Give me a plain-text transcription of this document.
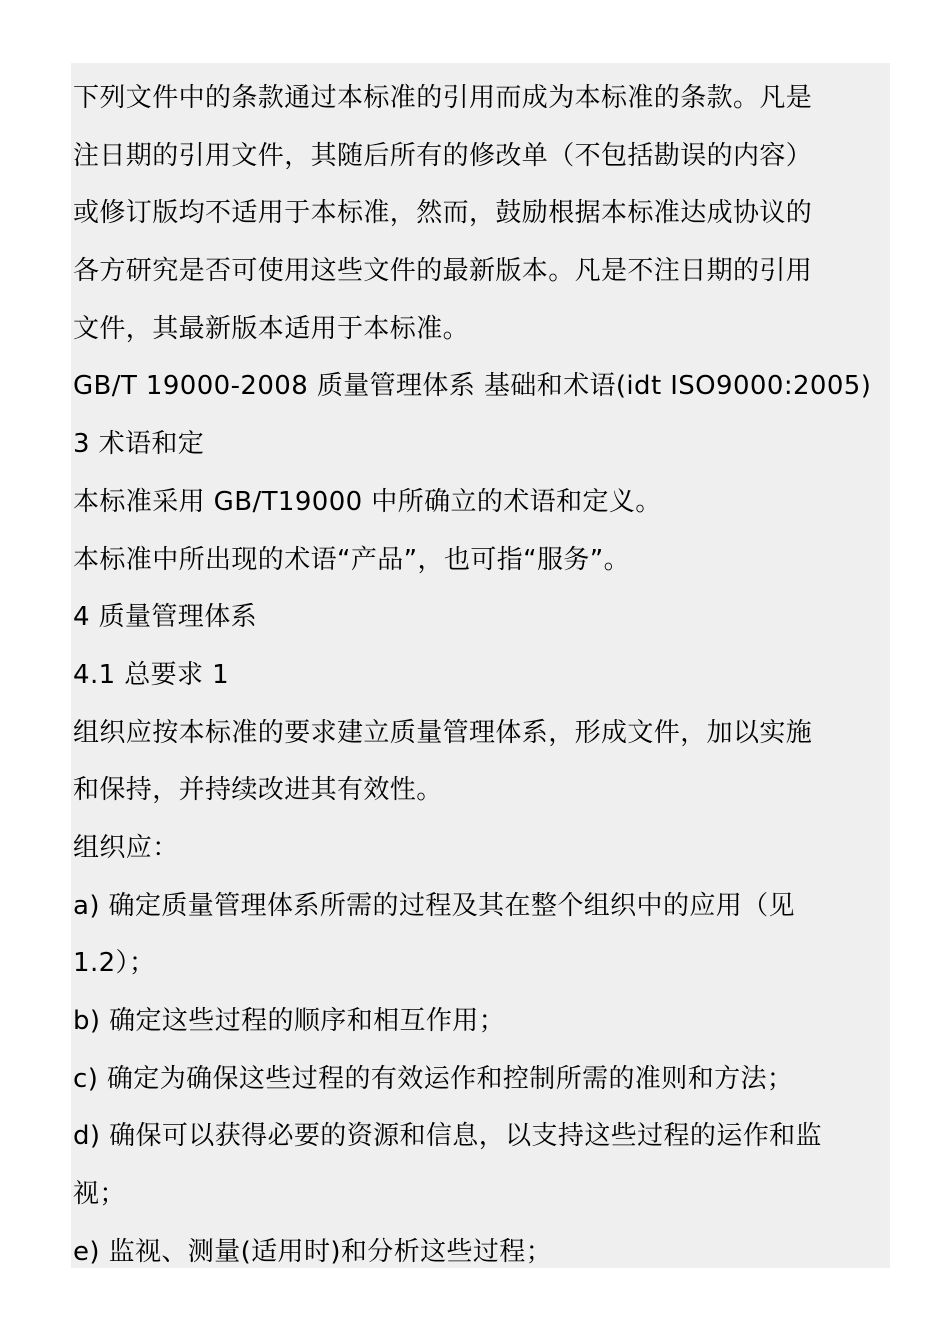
下列文件中的条款通过本标准的引用而成为本标准的条款。凡是
注日期的引用文件，其随后所有的修改单（不包括勘误的内容）
或修订版均不适用于本标准，然而，鼓励根据本标准达成协议的
各方研究是否可使用这些文件的最新版本。凡是不注日期的引用
文件，其最新版本适用于本标准。
GB/T 19000-2008 质量管理体系 基础和术语(idt ISO9000:2005)
3 术语和定
本标准采用 GB/T19000 中所确立的术语和定义。
本标准中所出现的术语“产品”，也可指“服务”。
4 质量管理体系
4.1 总要求 1
组织应按本标准的要求建立质量管理体系，形成文件，加以实施
和保持，并持续改进其有效性。
组织应：
a) 确定质量管理体系所需的过程及其在整个组织中的应用（见
1.2）；
b) 确定这些过程的顺序和相互作用；
c) 确定为确保这些过程的有效运作和控制所需的准则和方法；
d) 确保可以获得必要的资源和信息，以支持这些过程的运作和监
视；
e) 监视、测量(适用时)和分析这些过程；
